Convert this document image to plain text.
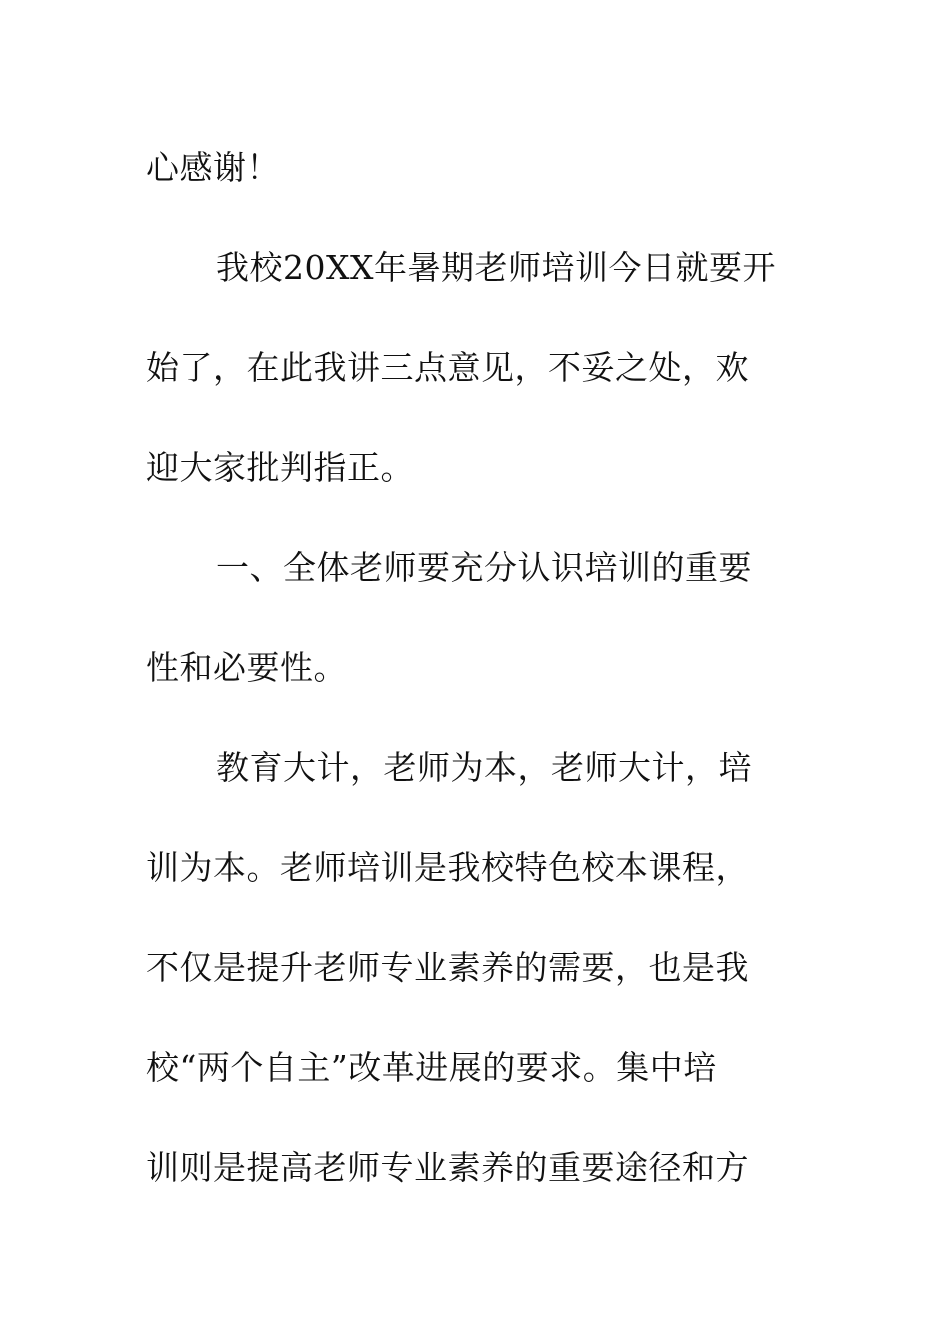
心感谢！
我校20XX年暑期老师培训今日就要开
始了，在此我讲三点意见，不妥之处，欢
迎大家批判指正。
一、全体老师要充分认识培训的重要
性和必要性。
教育大计，老师为本，老师大计，培
训为本。老师培训是我校特色校本课程，
不仅是提升老师专业素养的需要，也是我
校“两个自主”改革进展的要求。集中培
训则是提高老师专业素养的重要途径和方
